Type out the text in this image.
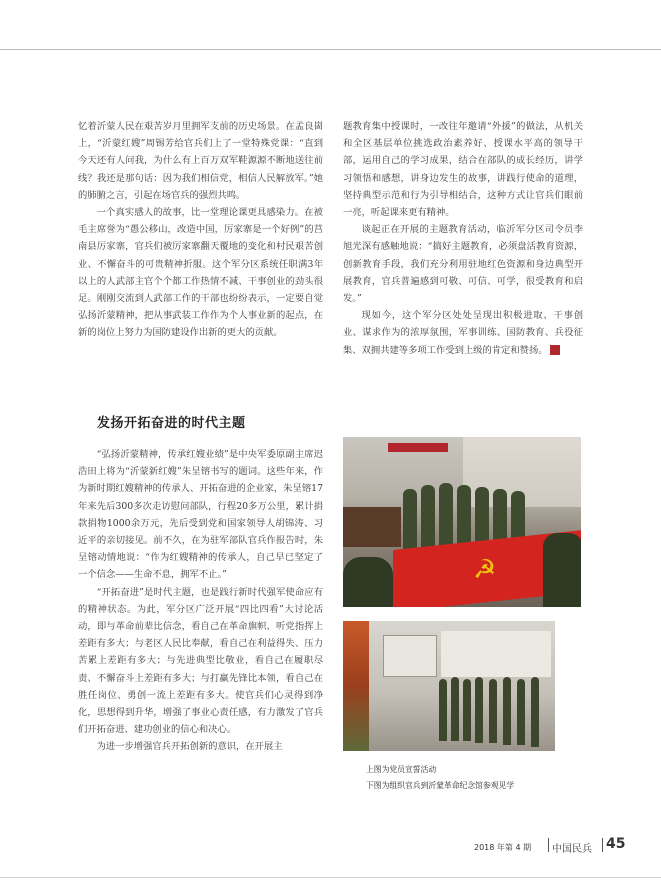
忆着沂蒙人民在艰苦岁月里拥军支前的历史场景。在孟良崮上，“沂蒙红嫂”周锡芳给官兵们上了一堂特殊党课：“直到今天还有人问我，为什么有上百万双军鞋源源不断地送往前线？我还是那句话：因为我们相信党，相信人民解放军。”她的肺腑之言，引起在场官兵的强烈共鸣。

一个真实感人的故事，比一堂理论课更具感染力。在被毛主席誉为“愚公移山，改造中国，厉家寨是一个好例”的莒南县厉家寨，官兵们被厉家寨翻天覆地的变化和村民艰苦创业、不懈奋斗的可贵精神折服。这个军分区系统任职满3年以上的人武部主官个个都工作热情不减、干事创业的劲头很足。刚刚交流到人武部工作的干部也纷纷表示，一定要自觉弘扬沂蒙精神，把从事武装工作作为个人事业新的起点，在新的岗位上努力为国防建设作出新的更大的贡献。

发扬开拓奋进的时代主题

“弘扬沂蒙精神，传承红嫂业绩”是中央军委原副主席迟浩田上将为“沂蒙新红嫂”朱呈镕书写的题词。这些年来，作为新时期红嫂精神的传承人、开拓奋进的企业家，朱呈镕17年来先后300多次走访慰问部队，行程20多万公里，累计捐款捐物1000余万元，先后受到党和国家领导人胡锦涛、习近平的亲切接见。前不久，在为驻军部队官兵作报告时，朱呈镕动情地说：“作为红嫂精神的传承人，自己早已坚定了一个信念——生命不息，拥军不止。”

“开拓奋进”是时代主题，也是践行新时代强军使命应有的精神状态。为此，军分区广泛开展“四比四看”大讨论活动，即与革命前辈比信念，看自己在革命旗帜、听党指挥上差距有多大；与老区人民比奉献，看自己在利益得失、压力苦累上差距有多大；与先进典型比敬业，看自己在履职尽责、不懈奋斗上差距有多大；与打赢先锋比本领，看自己在胜任岗位、勇创一流上差距有多大。使官兵们心灵得到净化，思想得到升华，增强了事业心责任感，有力激发了官兵们开拓奋进、建功创业的信心和决心。

为进一步增强官兵开拓创新的意识，在开展主

题教育集中授课时，一改往年邀请“外援”的做法，从机关和全区基层单位挑选政治素养好、授课水平高的领导干部，运用自己的学习成果，结合在部队的成长经历，讲学习领悟和感想，讲身边发生的故事，讲践行使命的道理，坚持典型示范和行为引导相结合，这种方式让官兵们眼前一亮，听起课来更有精神。

谈起正在开展的主题教育活动，临沂军分区司令员李旭光深有感触地说：“搞好主题教育，必须盘活教育资源，创新教育手段，我们充分利用驻地红色资源和身边典型开展教育，官兵普遍感到可敬、可信、可学，很受教育和启发。”

现如今，这个军分区处处呈现出积极进取、干事创业、谋求作为的浓厚氛围，军事训练、国防教育、兵役征集、双拥共建等多项工作受到上级的肯定和赞扬。	☭

☭
上图为党员宣誓活动
下图为组织官兵到沂蒙革命纪念馆参观见学
2018 年第 4 期 中国民兵 45
